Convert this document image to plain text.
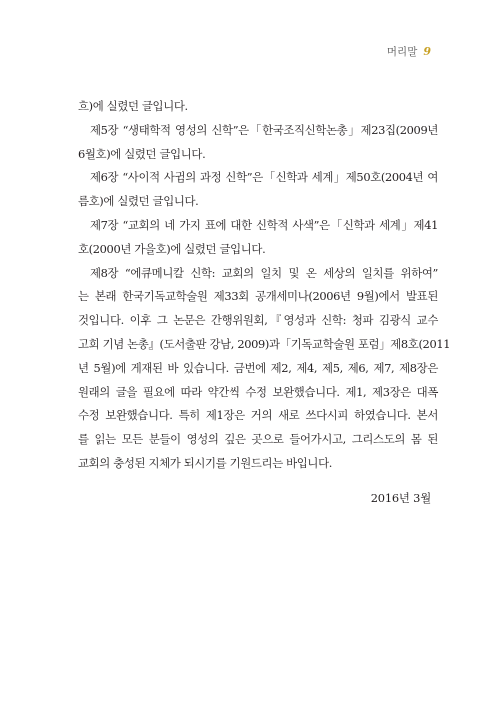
머리말 9
흐)에 실렸던 글입니다.
제5장 “생태학적 영성의 신학”은「한국조직신학논총」제23집(2009년
6월호)에 실렸던 글입니다.
제6장 “사이적 사귐의 과정 신학”은「신학과 세계」제50호(2004년 여
름호)에 실렸던 글입니다.
제7장 “교회의 네 가지 표에 대한 신학적 사색”은「신학과 세계」제41
호(2000년 가을호)에 실렸던 글입니다.
제8장 “에큐메니칼 신학: 교회의 일치 및 온 세상의 일치를 위하여”
는 본래 한국기독교학술원 제33회 공개세미나(2006년 9월)에서 발표된
것입니다. 이후 그 논문은 간행위원회,『영성과 신학: 청파 김광식 교수
고희 기념 논총』(도서출판 강남, 2009)과「기독교학술원 포럼」제8호(2011
년 5월)에 게재된 바 있습니다. 금번에 제2, 제4, 제5, 제6, 제7, 제8장은
원래의 글을 필요에 따라 약간씩 수정 보완했습니다. 제1, 제3장은 대폭
수정 보완했습니다. 특히 제1장은 거의 새로 쓰다시피 하였습니다. 본서
를 읽는 모든 분들이 영성의 깊은 곳으로 들어가시고, 그리스도의 몸 된
교회의 충성된 지체가 되시기를 기원드리는 바입니다.
2016년 3월
